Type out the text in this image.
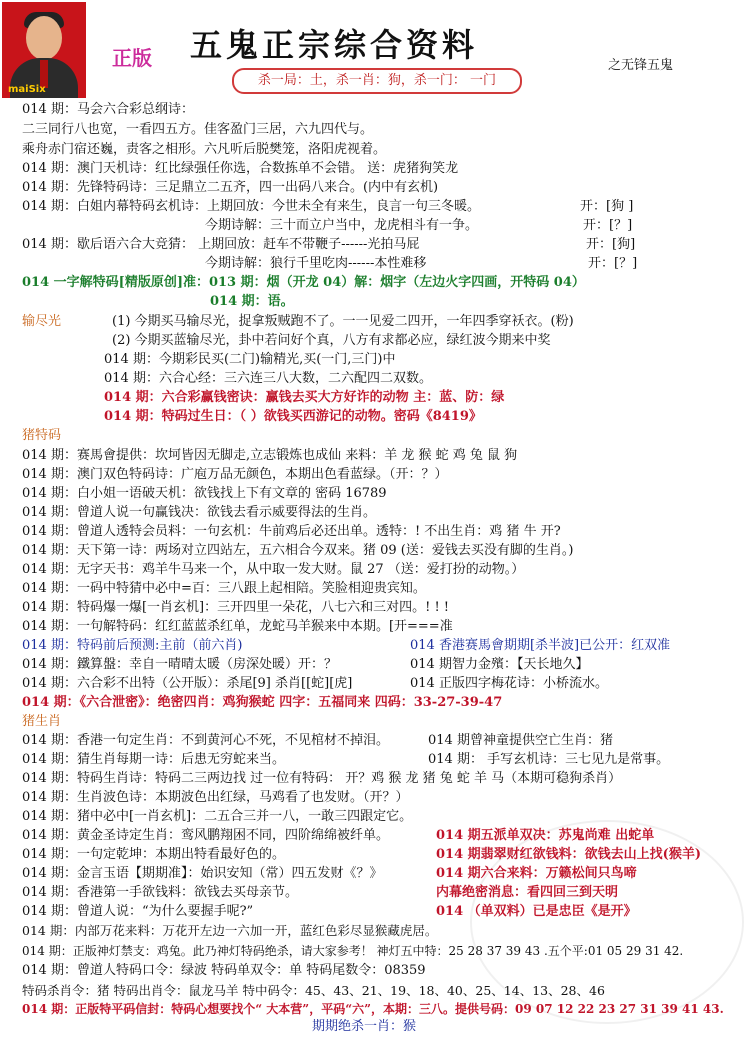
maiSix
正版 五鬼正宗综合资料
之无锋五鬼
杀一局：土，杀一肖：狗，杀一门： 一门
014 期：马会六合彩总纲诗：
二三同行八也宽，一看四五方。佳客盈门三居，六九四代与。
乘舟赤门宿还巍，责客之相形。六凡听后脱樊笼，洛阳虎视着。
014 期：澳门天机诗：红比绿强任你选，合数拣单不会错。 送：虎猪狗笑龙
014 期：先锋特码诗：三足鼎立二五齐，四一出码八来合。(内中有玄机)
014 期：白姐内幕特码玄机诗：上期回放：今世未全有来生，良言一句三冬暖。	开：[狗 ]
今期诗解：三十而立户当中，龙虎相斗有一争。	开：[？]
014 期：歇后语六合大竞猜： 上期回放：赶车不带鞭子------光拍马屁	开：[狗]
今期诗解：狼行千里吃肉------本性难移	开：[？]
014 一字解特码[精版原创]准：013 期：烟（开龙 04）解：烟字（左边火字四画，开特码 04）
014 期：语。
输尽光	(1) 今期买马输尽光，捉拿叛贼跑不了。一一见爱二四开，一年四季穿袄衣。(粉)
(2) 今期买蓝输尽光，卦中若问好个真，八方有求都必应，绿红波今期来中奖
014 期：今期彩民买(二门)输精光,买(一门,三门)中
014 期：六合心经：三六连三八大数，二六配四二双数。
014 期：六合彩赢钱密诀：赢钱去买大方好诈的动物 主：蓝、防：绿
014 期：特码过生日：（ ）欲钱买西游记的动物。密码《8419》
猪特码
014 期：赛馬會提供：坎坷皆因无脚走,立志锻炼也成仙 来料：羊 龙 猴 蛇 鸡 兔 鼠 狗
014 期：澳门双色特码诗：广庖万品无颜色，本期出色看蓝绿。（开：？）
014 期：白小姐一语破天机：欲钱找上下有文章的 密码 16789
014 期：曾道人说一句赢钱决：欲钱去看示威要得法的生肖。
014 期：曾道人透特会员料：一句玄机：牛前鸡后必还出单。透特：! 不出生肖：鸡 猪 牛 开?
014 期：天下第一诗：两场对立四站左，五六相合今双来。猪 09 (送：爱钱去买没有脚的生肖。)
014 期：无字天书：鸡羊牛马来一个，从中取一发大财。鼠 27 （送：爱打扮的动物。）
014 期：一码中特猜中必中=百：三八跟上起相陪。笑脸相迎贵宾知。
014 期：特码爆一爆[一肖玄机]：三开四里一朵花，八七六和三对四。! ! !
014 期：一句解特码：红红蓝蓝杀红单，龙蛇马羊猴来中本期。[开===准
014 期：特码前后预测:主前（前六肖)	014 香港赛馬會期期[杀半波]已公开：红双准
014 期：鐵算盤：幸自一晴晴太暖（房深处暖）开：？	014 期智力金殯：【天长地久】
014 期：六合彩不出特（公开版）：杀尾[9] 杀肖[[蛇][虎]	014 正版四字梅花诗：小桥流水。
014 期：《六合泄密》：绝密四肖：鸡狗猴蛇 四字：五福同来 四码：33-27-39-47
猪生肖
014 期：香港一句定生肖：不到黄河心不死，不见棺材不掉泪。	014 期曾神童提供空亡生肖：猪
014 期：猜生肖每期一诗：后患无穷蛇来当。	014 期： 手写玄机诗：三七见九是常事。
014 期：特码生肖诗：特码二三两边找 过一位有特码： 开？鸡 猴 龙 猪 兔 蛇 羊 马（本期可稳狗杀肖）
014 期：生肖波色诗：本期波色出红绿，马鸡看了也发财。（开？）
014 期：猪中必中[一肖玄机]：二五合三并一八，一敢三四跟定它。
014 期：黄金圣诗定生肖：鸾风鹏翔困不同，四阶绵绵被纤单。	014 期五派单双决：苏鬼尚难 出蛇单
014 期：一句定乾坤：本期出特看最好色的。	014 期翡翠财红欲钱料：欲钱去山上找(猴羊)
014 期：金言玉语【期期准】：始识安知（常）四五发财《？》	014 期六合来料：万籁松间只鸟啼
014 期：香港第一手欲钱料：欲钱去买母亲节。	内幕绝密消息：看四回三到天明
014 期：曾道人说：“为什么要握手呢?”	014 （单双料）已是忠臣《是开》
014 期：内部万花来料：万花开左边一六加一开，蓝红色彩尽显猴藏虎居。
014 期：正版神灯禁支：鸡兔。此乃神灯特码绝杀，请大家参考！ 神灯五中特：25 28 37 39 43 .五个平:01 05 29 31 42.
014 期：曾道人特码口令：绿波 特码单双令：单 特码尾数令：08359
特码杀肖令：猪 特码出肖令：鼠龙马羊 特中码令：45、43、21、19、18、40、25、14、13、28、46
014 期：正版特平码信封：特码心想要找个“ 大本营”，平码“六”，本期：三八。提供号码：09 07 12 22 23 27 31 39 41 43.
期期绝杀一肖：猴
